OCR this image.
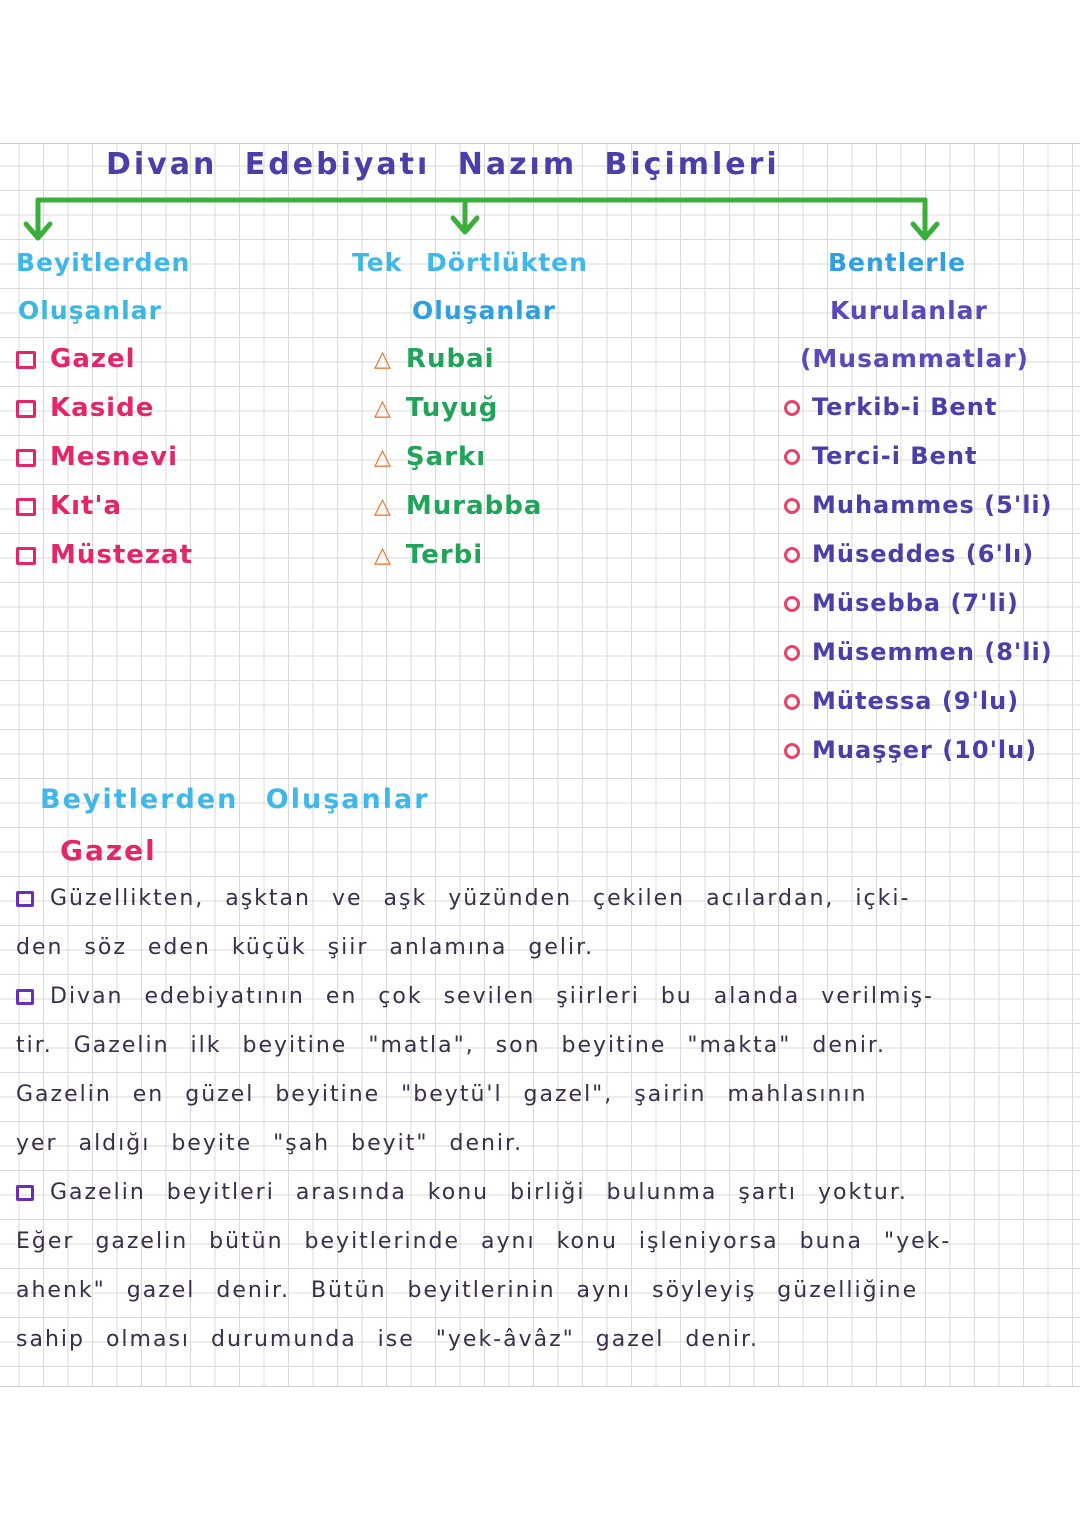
Divan Edebiyatı Nazım Biçimleri
Beyitlerden
Oluşanlar
Gazel
Kaside
Mesnevi
Kıt'a
Müstezat
Tek Dörtlükten
Oluşanlar
△ Rubai
△ Tuyuğ
△ Şarkı
△ Murabba
△ Terbi
Bentlerle
Kurulanlar
(Musammatlar)
Terkib-i Bent
Terci-i Bent
Muhammes (5'li)
Müseddes (6'lı)
Müsebba (7'li)
Müsemmen (8'li)
Mütessa (9'lu)
Muaşşer (10'lu)
Beyitlerden Oluşanlar
Gazel
Güzellikten, aşktan ve aşk yüzünden çekilen acılardan, içki-
den söz eden küçük şiir anlamına gelir.
Divan edebiyatının en çok sevilen şiirleri bu alanda verilmiş-
tir. Gazelin ilk beyitine "matla", son beyitine "makta" denir.
Gazelin en güzel beyitine "beytü'l gazel", şairin mahlasının
yer aldığı beyite "şah beyit" denir.
Gazelin beyitleri arasında konu birliği bulunma şartı yoktur.
Eğer gazelin bütün beyitlerinde aynı konu işleniyorsa buna "yek-
ahenk" gazel denir. Bütün beyitlerinin aynı söyleyiş güzelliğine
sahip olması durumunda ise "yek-âvâz" gazel denir.
